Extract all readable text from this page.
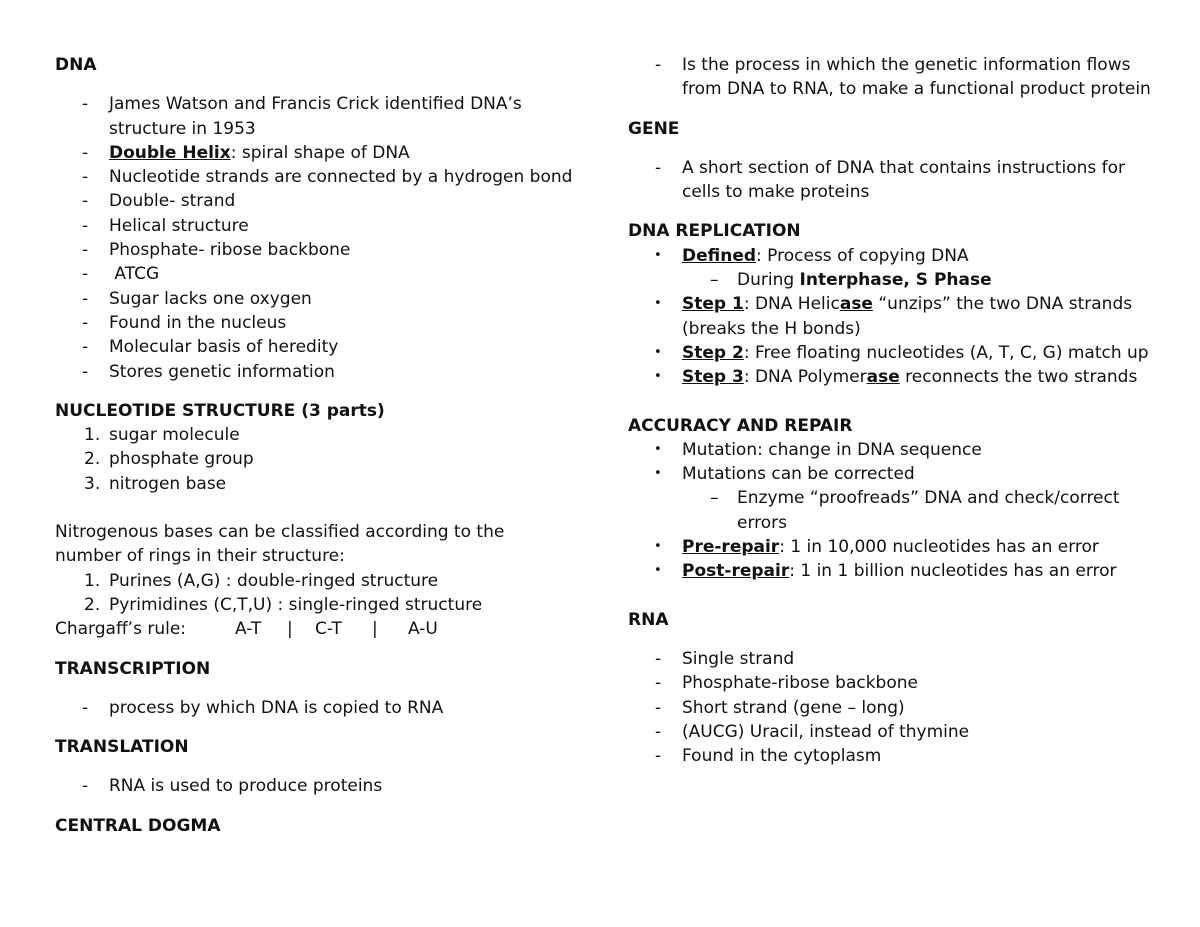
DNA

- James Watson and Francis Crick identified DNA’s structure in 1953
- Double Helix: spiral shape of DNA
- Nucleotide strands are connected by a hydrogen bond
- Double- strand
- Helical structure
- Phosphate- ribose backbone
- ATCG
- Sugar lacks one oxygen
- Found in the nucleus
- Molecular basis of heredity
- Stores genetic information

NUCLEOTIDE STRUCTURE (3 parts)

1. sugar molecule
2. phosphate group
3. nitrogen base

Nitrogenous bases can be classified according to the number of rings in their structure:

1. Purines (A,G) : double-ringed structure
2. Pyrimidines (C,T,U) : single-ringed structure
Chargaff’s rule:	A-T | C-T | A-U

TRANSCRIPTION

- process by which DNA is copied to RNA

TRANSLATION

- RNA is used to produce proteins

CENTRAL DOGMA

- Is the process in which the genetic information flows from DNA to RNA, to make a functional product protein

GENE

- A short section of DNA that contains instructions for cells to make proteins

DNA REPLICATION

• Defined: Process of copying DNA
– During Interphase, S Phase
• Step 1: DNA Helicase “unzips” the two DNA strands (breaks the H bonds)
• Step 2: Free floating nucleotides (A, T, C, G) match up
• Step 3: DNA Polymerase reconnects the two strands

ACCURACY AND REPAIR

• Mutation: change in DNA sequence
• Mutations can be corrected
– Enzyme “proofreads” DNA and check/correct errors
• Pre-repair: 1 in 10,000 nucleotides has an error
• Post-repair: 1 in 1 billion nucleotides has an error

RNA

- Single strand
- Phosphate-ribose backbone
- Short strand (gene – long)
- (AUCG) Uracil, instead of thymine
- Found in the cytoplasm
